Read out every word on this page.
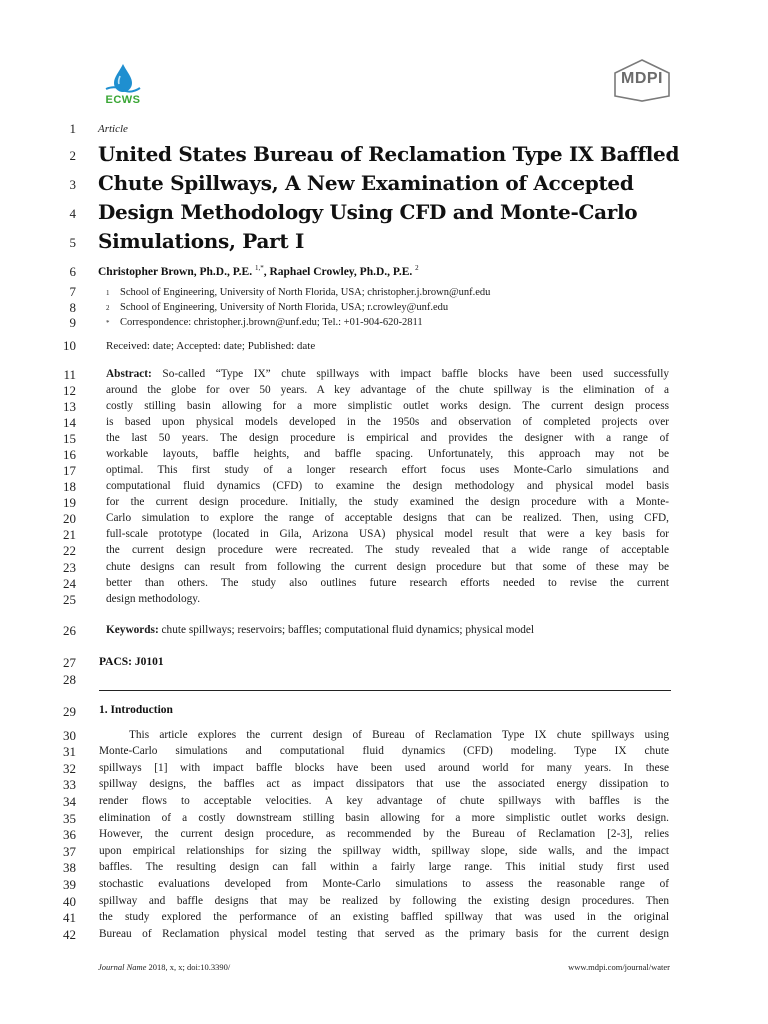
ECWS
MDPI
1
2
3
4
5
6
7
8
9
10
11
12
13
14
15
16
17
18
19
20
21
22
23
24
25
26
27
28
29
30
31
32
33
34
35
36
37
38
39
40
41
42
Article
United States Bureau of Reclamation Type IX Baffled
Chute Spillways, A New Examination of Accepted
Design Methodology Using CFD and Monte-Carlo
Simulations, Part I
Christopher Brown, Ph.D., P.E. $^{1,*}$, Raphael Crowley, Ph.D., P.E. $^2$
1 School of Engineering, University of North Florida, USA; christopher.j.brown@unf.edu
2 School of Engineering, University of North Florida, USA; r.crowley@unf.edu
* Correspondence: christopher.j.brown@unf.edu; Tel.: +01-904-620-2811
Received: date; Accepted: date; Published: date
Abstract: So-called “Type IX” chute spillways with impact baffle blocks have been used successfully
around the globe for over 50 years. A key advantage of the chute spillway is the elimination of a
costly stilling basin allowing for a more simplistic outlet works design. The current design process
is based upon physical models developed in the 1950s and observation of completed projects over
the last 50 years. The design procedure is empirical and provides the designer with a range of
workable layouts, baffle heights, and baffle spacing. Unfortunately, this approach may not be
optimal. This first study of a longer research effort focus uses Monte-Carlo simulations and
computational fluid dynamics (CFD) to examine the design methodology and physical model basis
for the current design procedure. Initially, the study examined the design procedure with a Monte-
Carlo simulation to explore the range of acceptable designs that can be realized. Then, using CFD,
full-scale prototype (located in Gila, Arizona USA) physical model result that were a key basis for
the current design procedure were recreated. The study revealed that a wide range of acceptable
chute designs can result from following the current design procedure but that some of these may be
better than others. The study also outlines future research efforts needed to revise the current
design methodology.
Keywords: chute spillways; reservoirs; baffles; computational fluid dynamics; physical model
PACS: J0101
1. Introduction
This article explores the current design of Bureau of Reclamation Type IX chute spillways using
Monte-Carlo simulations and computational fluid dynamics (CFD) modeling. Type IX chute
spillways [1] with impact baffle blocks have been used around world for many years. In these
spillway designs, the baffles act as impact dissipators that use the associated energy dissipation to
render flows to acceptable velocities. A key advantage of chute spillways with baffles is the
elimination of a costly downstream stilling basin allowing for a more simplistic outlet works design.
However, the current design procedure, as recommended by the Bureau of Reclamation [2-3], relies
upon empirical relationships for sizing the spillway width, spillway slope, side walls, and the impact
baffles. The resulting design can fall within a fairly large range. This initial study first used
stochastic evaluations developed from Monte-Carlo simulations to assess the reasonable range of
spillway and baffle designs that may be realized by following the existing design procedures. Then
the study explored the performance of an existing baffled spillway that was used in the original
Bureau of Reclamation physical model testing that served as the primary basis for the current design
Journal Name 2018, x, x; doi:10.3390/	www.mdpi.com/journal/water
